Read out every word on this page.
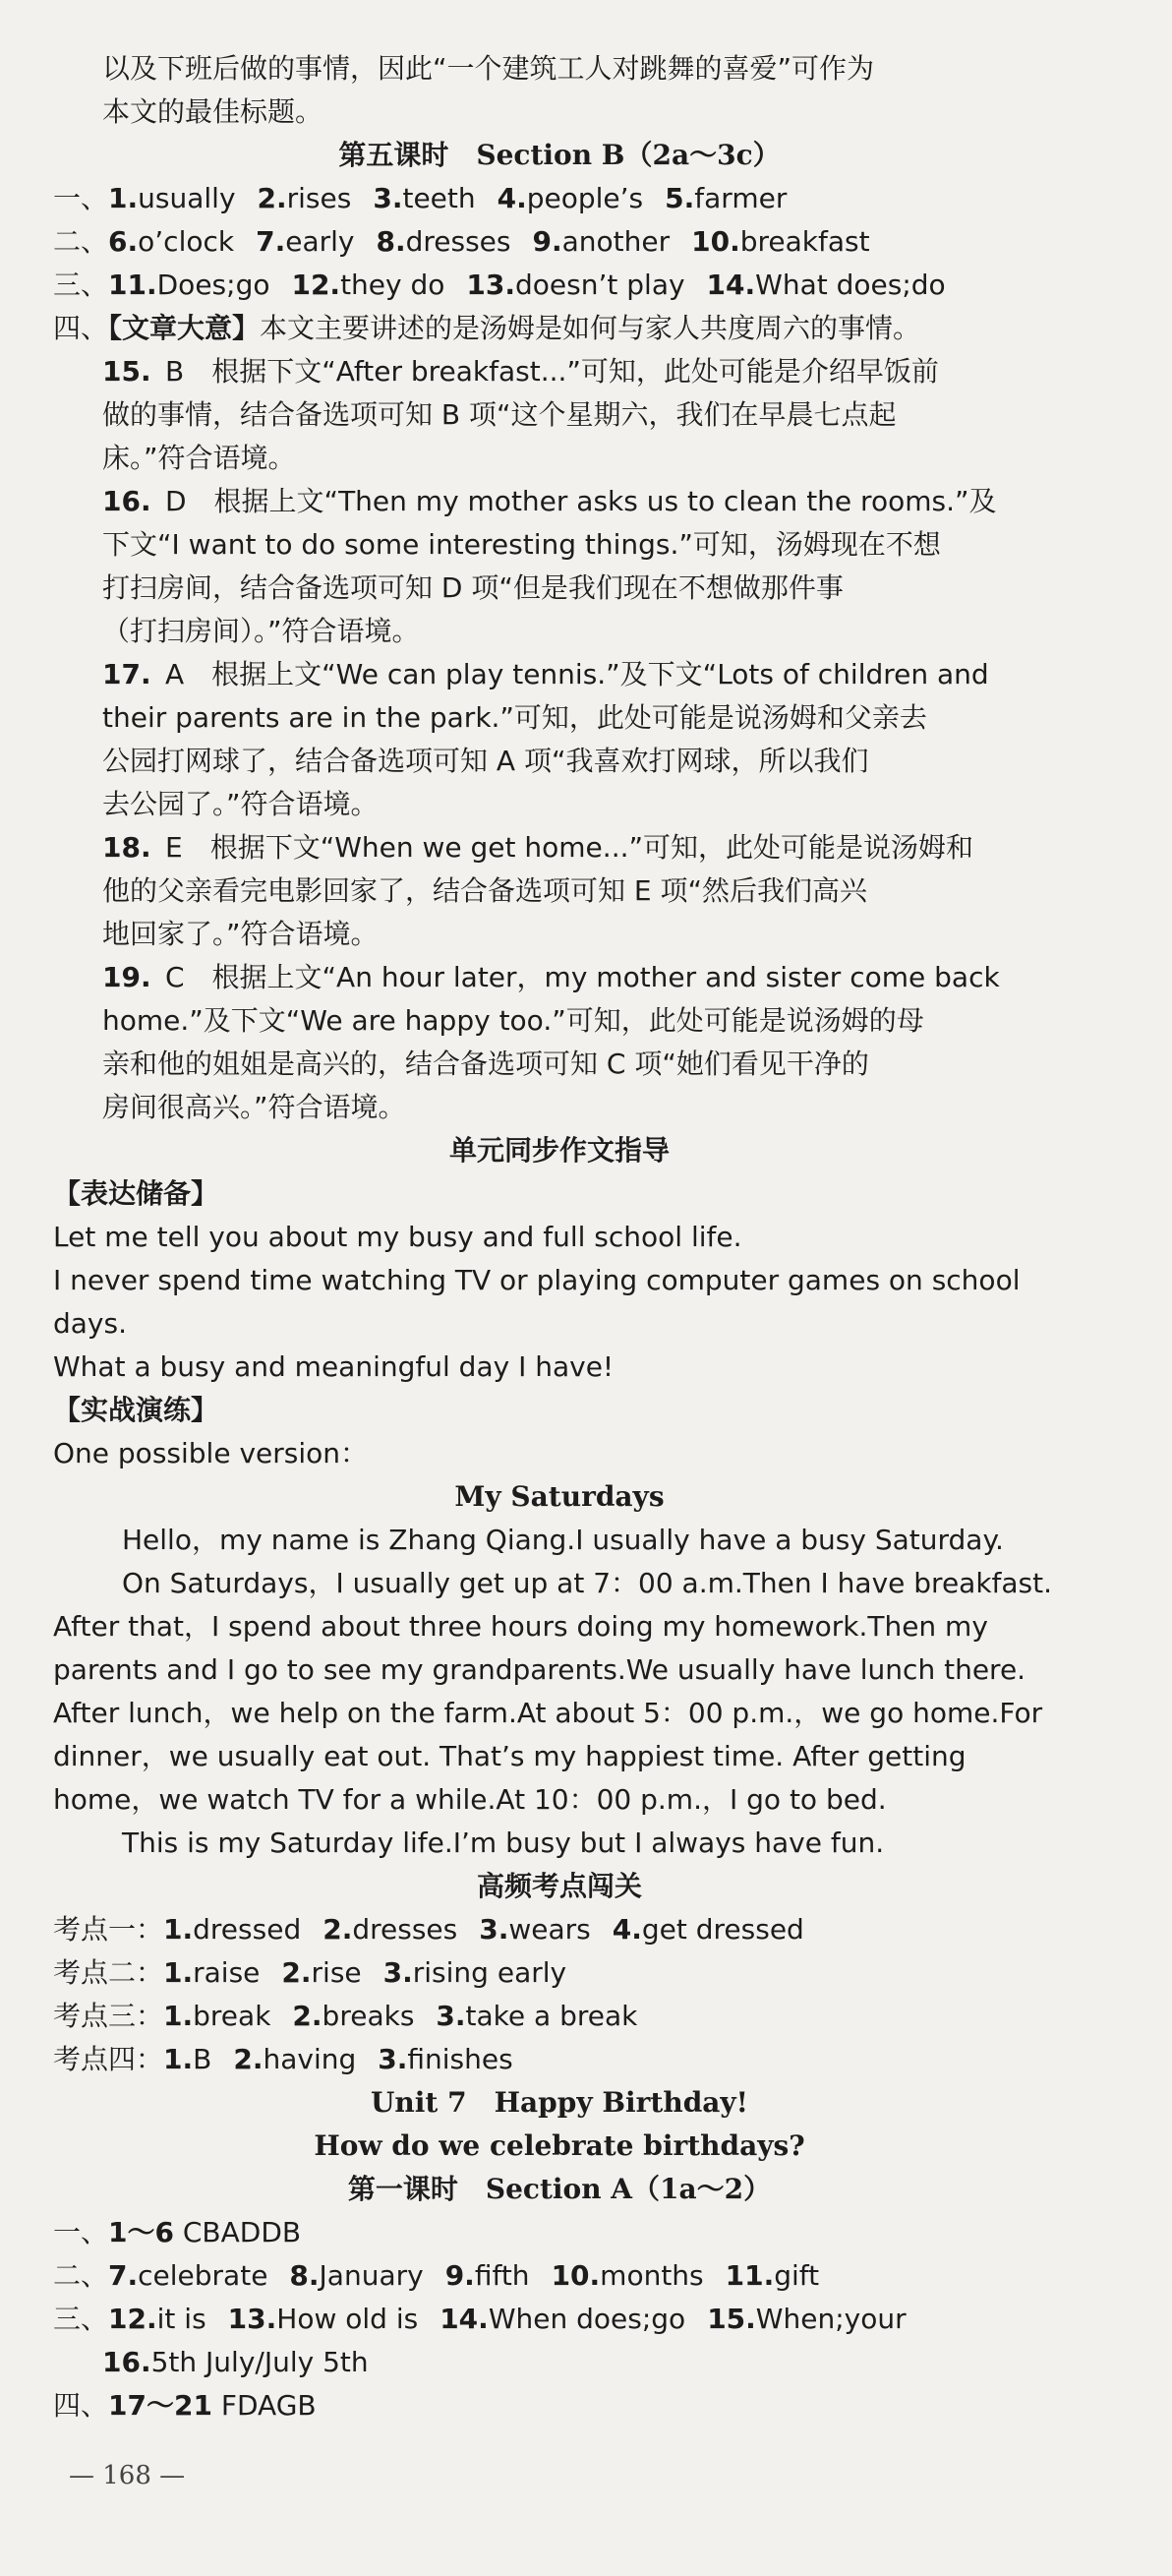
以及下班后做的事情，因此“一个建筑工人对跳舞的喜爱”可作为
本文的最佳标题。
第五课时　Section B（2a～3c）
一、1.usually 2.rises 3.teeth 4.people’s 5.farmer
二、6.o’clock 7.early 8.dresses 9.another 10.breakfast
三、11.Does;go 12.they do 13.doesn’t play 14.What does;do
四、【文章大意】本文主要讲述的是汤姆是如何与家人共度周六的事情。
15. B　根据下文“After breakfast...”可知，此处可能是介绍早饭前
做的事情，结合备选项可知 B 项“这个星期六，我们在早晨七点起
床。”符合语境。
16. D　根据上文“Then my mother asks us to clean the rooms.”及
下文“I want to do some interesting things.”可知，汤姆现在不想
打扫房间，结合备选项可知 D 项“但是我们现在不想做那件事
（打扫房间）。”符合语境。
17. A　根据上文“We can play tennis.”及下文“Lots of children and
their parents are in the park.”可知，此处可能是说汤姆和父亲去
公园打网球了，结合备选项可知 A 项“我喜欢打网球，所以我们
去公园了。”符合语境。
18. E　根据下文“When we get home...”可知，此处可能是说汤姆和
他的父亲看完电影回家了，结合备选项可知 E 项“然后我们高兴
地回家了。”符合语境。
19. C　根据上文“An hour later，my mother and sister come back
home.”及下文“We are happy too.”可知，此处可能是说汤姆的母
亲和他的姐姐是高兴的，结合备选项可知 C 项“她们看见干净的
房间很高兴。”符合语境。
单元同步作文指导
【表达储备】
Let me tell you about my busy and full school life.
I never spend time watching TV or playing computer games on school
days.
What a busy and meaningful day I have!
【实战演练】
One possible version：
My Saturdays
Hello，my name is Zhang Qiang.I usually have a busy Saturday.
On Saturdays，I usually get up at 7：00 a.m.Then I have breakfast.
After that，I spend about three hours doing my homework.Then my
parents and I go to see my grandparents.We usually have lunch there.
After lunch，we help on the farm.At about 5：00 p.m.，we go home.For
dinner，we usually eat out. That’s my happiest time. After getting
home，we watch TV for a while.At 10：00 p.m.，I go to bed.
This is my Saturday life.I’m busy but I always have fun.
高频考点闯关
考点一：1.dressed 2.dresses 3.wears 4.get dressed
考点二：1.raise 2.rise 3.rising early
考点三：1.break 2.breaks 3.take a break
考点四：1.B 2.having 3.finishes
Unit 7　Happy Birthday!
How do we celebrate birthdays?
第一课时　Section A（1a～2）
一、1～6 CBADDB
二、7.celebrate 8.January 9.fifth 10.months 11.gift
三、12.it is 13.How old is 14.When does;go 15.When;your
16.5th July/July 5th
四、17～21 FDAGB
— 168 —
